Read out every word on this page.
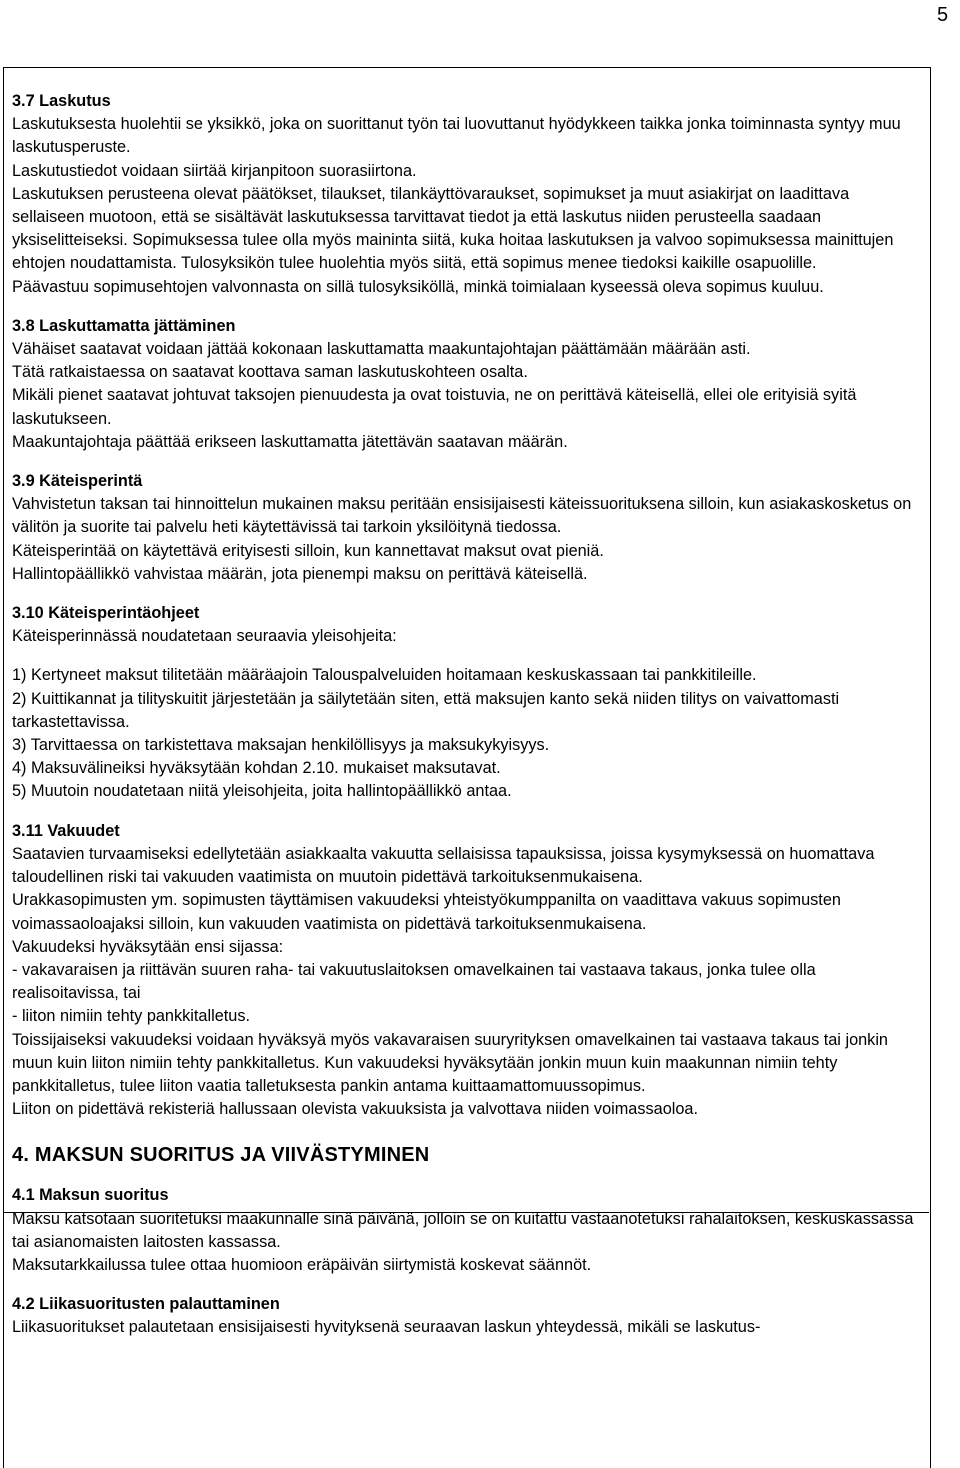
5
3.7 Laskutus

Laskutuksesta huolehtii se yksikkö, joka on suorittanut työn tai luovuttanut hyödykkeen taikka jonka toiminnasta syntyy muu laskutusperuste.

Laskutustiedot voidaan siirtää kirjanpitoon suorasiirtona.

Laskutuksen perusteena olevat päätökset, tilaukset, tilankäyttövaraukset, sopimukset ja muut asiakirjat on laadittava sellaiseen muotoon, että se sisältävät laskutuksessa tarvittavat tiedot ja että laskutus niiden perusteella saadaan yksiselitteiseksi. Sopimuksessa tulee olla myös maininta siitä, kuka hoitaa laskutuksen ja valvoo sopimuksessa mainittujen ehtojen noudattamista. Tulosyksikön tulee huolehtia myös siitä, että sopimus menee tiedoksi kaikille osapuolille.

Päävastuu sopimusehtojen valvonnasta on sillä tulosyksiköllä, minkä toimialaan kyseessä oleva sopimus kuuluu.

3.8 Laskuttamatta jättäminen

Vähäiset saatavat voidaan jättää kokonaan laskuttamatta maakuntajohtajan päättämään määrään asti.

Tätä ratkaistaessa on saatavat koottava saman laskutuskohteen osalta.

Mikäli pienet saatavat johtuvat taksojen pienuudesta ja ovat toistuvia, ne on perittävä käteisellä, ellei ole erityisiä syitä laskutukseen.

Maakuntajohtaja päättää erikseen laskuttamatta jätettävän saatavan määrän.

3.9 Käteisperintä

Vahvistetun taksan tai hinnoittelun mukainen maksu peritään ensisijaisesti käteissuorituksena silloin, kun asiakaskosketus on välitön ja suorite tai palvelu heti käytettävissä tai tarkoin yksilöitynä tiedossa.

Käteisperintää on käytettävä erityisesti silloin, kun kannettavat maksut ovat pieniä.

Hallintopäällikkö vahvistaa määrän, jota pienempi maksu on perittävä käteisellä.

3.10 Käteisperintäohjeet

Käteisperinnässä noudatetaan seuraavia yleisohjeita:

1) Kertyneet maksut tilitetään määräajoin Talouspalveluiden hoitamaan keskuskassaan tai pankkitileille.

2) Kuittikannat ja tilityskuitit järjestetään ja säilytetään siten, että maksujen kanto sekä niiden tilitys on vaivattomasti tarkastettavissa.

3) Tarvittaessa on tarkistettava maksajan henkilöllisyys ja maksukykyisyys.

4) Maksuvälineiksi hyväksytään kohdan 2.10. mukaiset maksutavat.

5) Muutoin noudatetaan niitä yleisohjeita, joita hallintopäällikkö antaa.

3.11 Vakuudet

Saatavien turvaamiseksi edellytetään asiakkaalta vakuutta sellaisissa tapauksissa, joissa kysymyksessä on huomattava taloudellinen riski tai vakuuden vaatimista on muutoin pidettävä tarkoituksenmukaisena.

Urakkasopimusten ym. sopimusten täyttämisen vakuudeksi yhteistyökumppanilta on vaadittava vakuus sopimusten voimassaoloajaksi silloin, kun vakuuden vaatimista on pidettävä tarkoituksenmukaisena.

Vakuudeksi hyväksytään ensi sijassa:

- vakavaraisen ja riittävän suuren raha- tai vakuutuslaitoksen omavelkainen tai vastaava takaus, jonka tulee olla realisoitavissa, tai

- liiton nimiin tehty pankkitalletus.

Toissijaiseksi vakuudeksi voidaan hyväksyä myös vakavaraisen suuryrityksen omavelkainen tai vastaava takaus tai jonkin muun kuin liiton nimiin tehty pankkitalletus. Kun vakuudeksi hyväksytään jonkin muun kuin maakunnan nimiin tehty pankkitalletus, tulee liiton vaatia talletuksesta pankin antama kuittaamattomuussopimus.

Liiton on pidettävä rekisteriä hallussaan olevista vakuuksista ja valvottava niiden voimassaoloa.

4. MAKSUN SUORITUS JA VIIVÄSTYMINEN
4.1 Maksun suoritus

Maksu katsotaan suoritetuksi maakunnalle sinä päivänä, jolloin se on kuitattu vastaanotetuksi rahalaitoksen, keskuskassassa tai asianomaisten laitosten kassassa.

Maksutarkkailussa tulee ottaa huomioon eräpäivän siirtymistä koskevat säännöt.

4.2 Liikasuoritusten palauttaminen

Liikasuoritukset palautetaan ensisijaisesti hyvityksenä seuraavan laskun yhteydessä, mikäli se laskutus-
